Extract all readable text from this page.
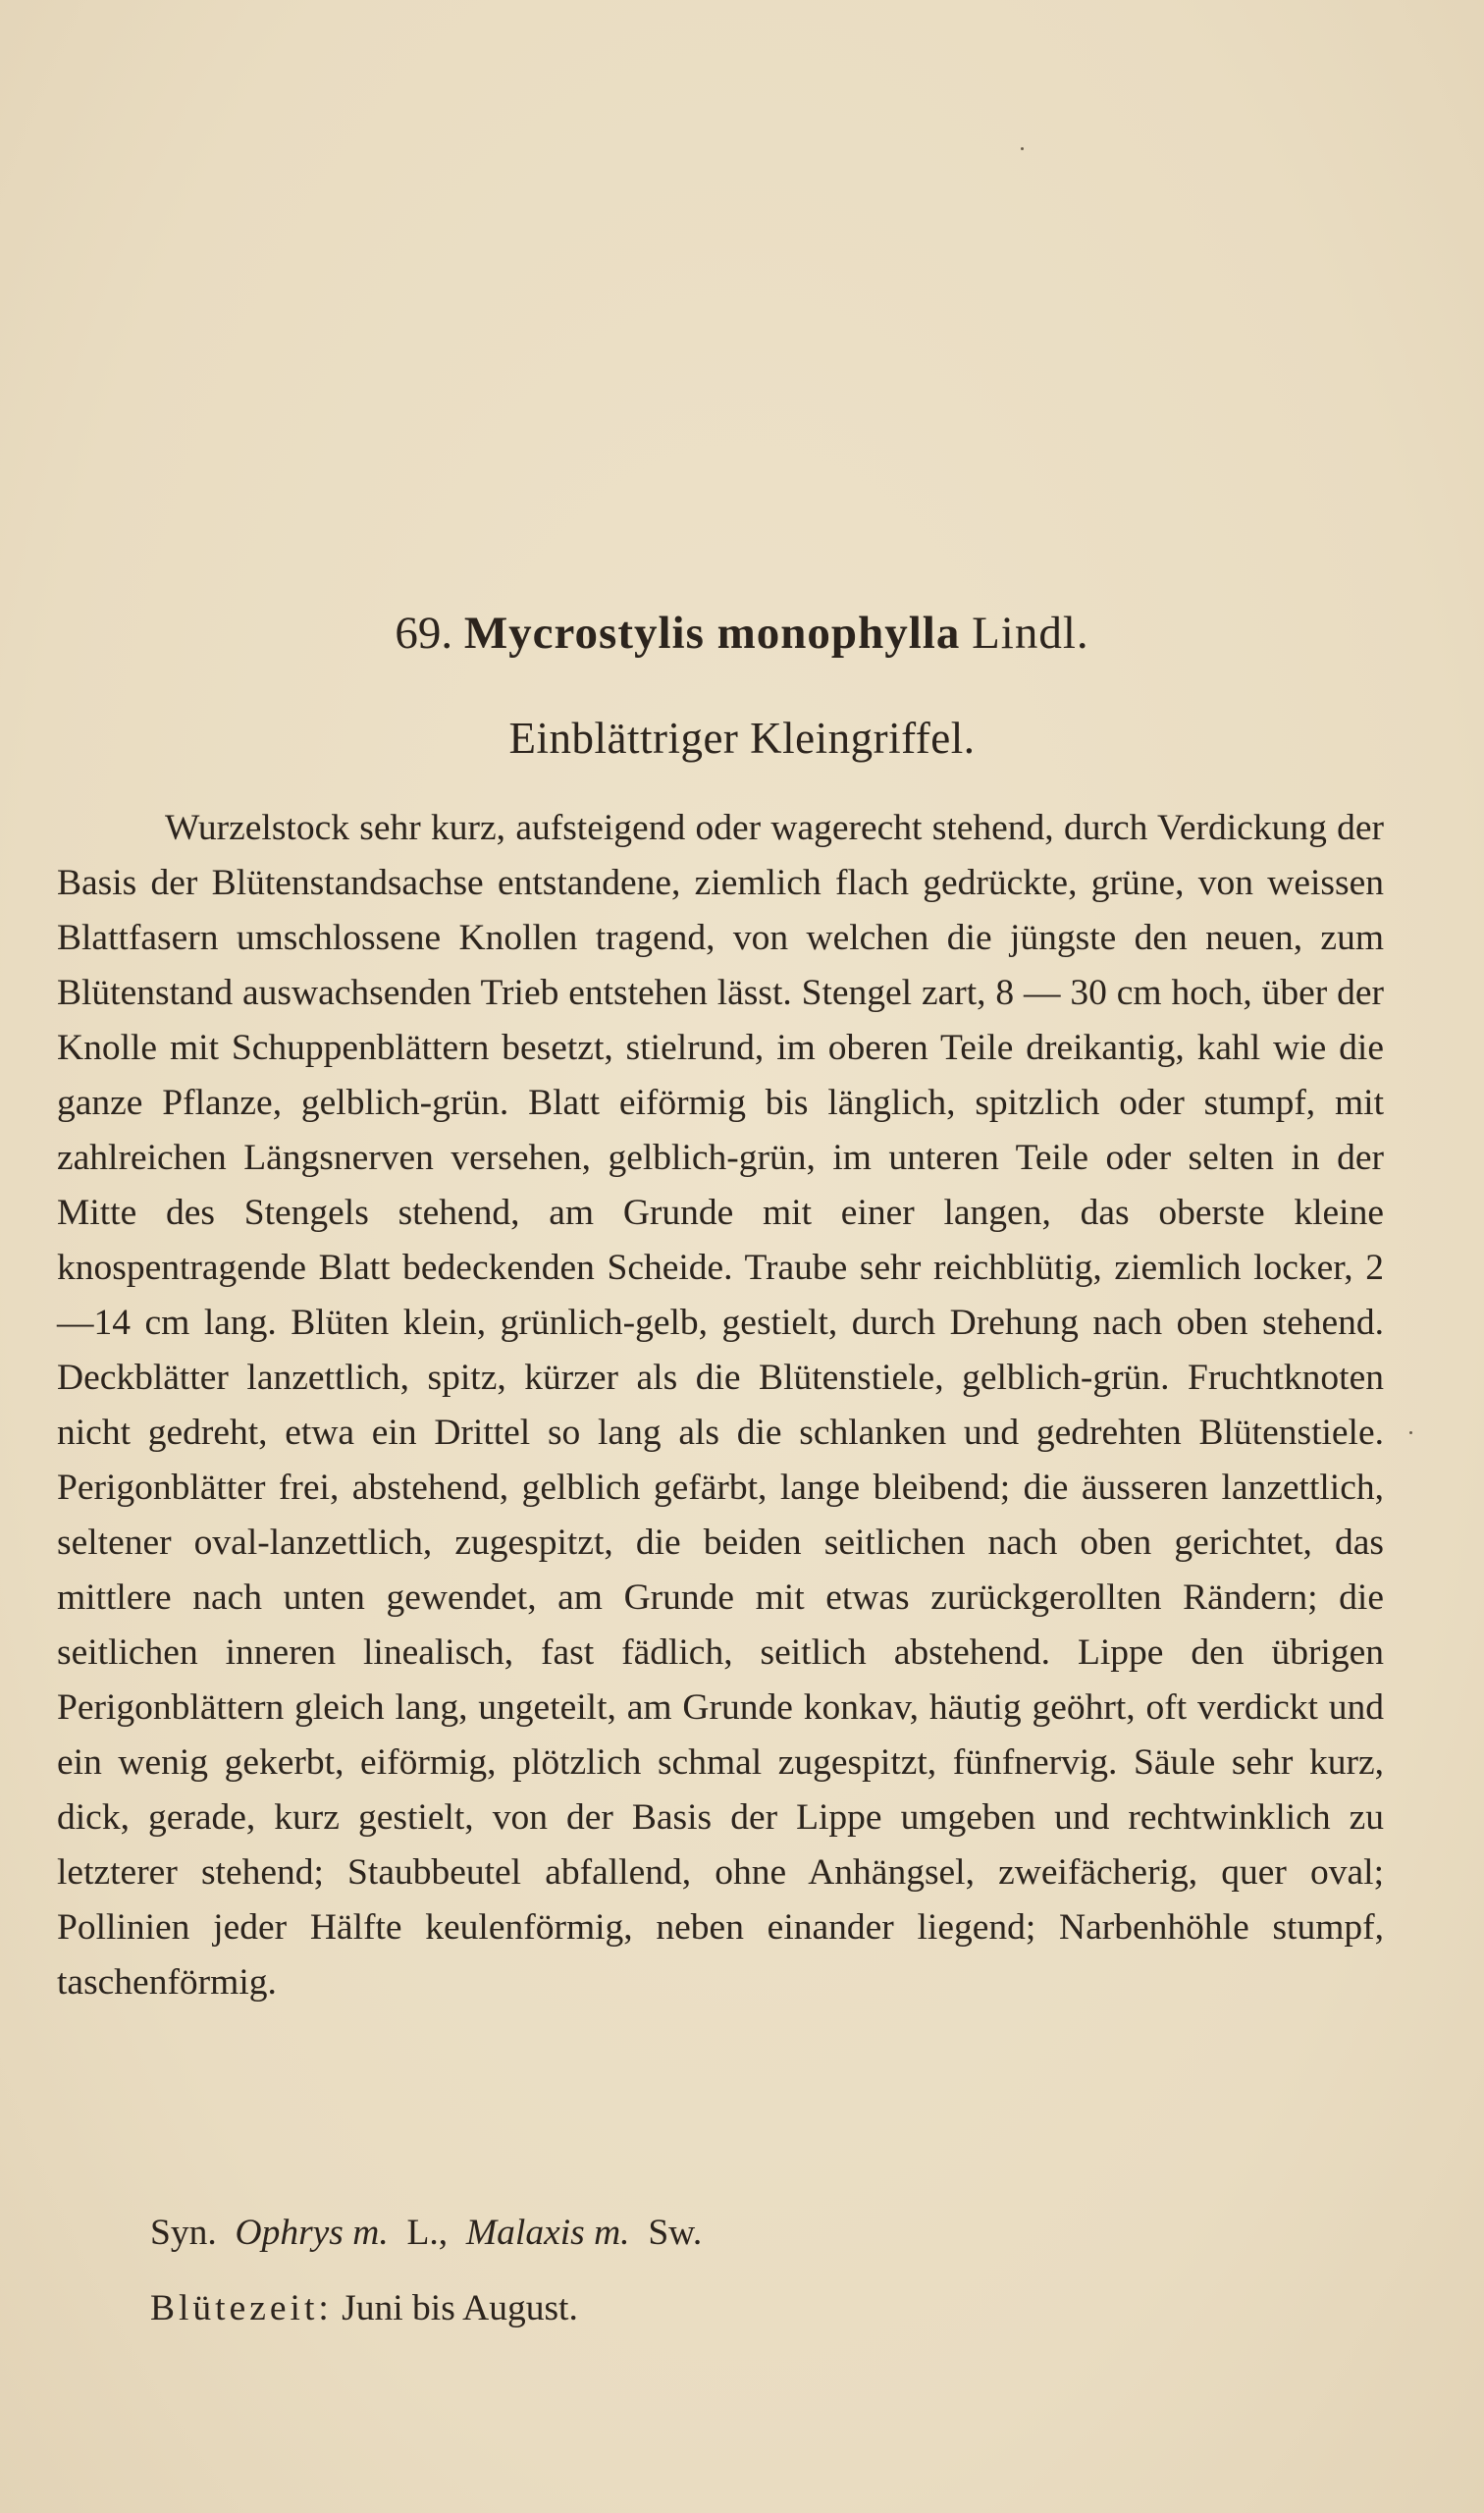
69. Mycrostylis monophylla Lindl.
Einblättriger Kleingriffel.

Wurzelstock sehr kurz, aufsteigend oder wagerecht stehend, durch Verdickung der Basis der Blütenstandsachse entstandene, ziemlich flach gedrückte, grüne, von weissen Blattfasern umschlossene Knollen tragend, von welchen die jüngste den neuen, zum Blütenstand auswachsenden Trieb entstehen lässt. Stengel zart, 8 — 30 cm hoch, über der Knolle mit Schuppenblättern besetzt, stielrund, im oberen Teile dreikantig, kahl wie die ganze Pflanze, gelblich-grün. Blatt eiförmig bis länglich, spitzlich oder stumpf, mit zahlreichen Längsnerven versehen, gelblich-grün, im unteren Teile oder selten in der Mitte des Stengels stehend, am Grunde mit einer langen, das oberste kleine knospentragende Blatt bedeckenden Scheide. Traube sehr reichblütig, ziemlich locker, 2—14 cm lang. Blüten klein, grünlich-gelb, gestielt, durch Drehung nach oben stehend. Deckblätter lanzettlich, spitz, kürzer als die Blütenstiele, gelblich-grün. Fruchtknoten nicht gedreht, etwa ein Drittel so lang als die schlanken und gedrehten Blütenstiele. Perigonblätter frei, abstehend, gelblich gefärbt, lange bleibend; die äusseren lanzettlich, seltener oval-lanzettlich, zugespitzt, die beiden seitlichen nach oben gerichtet, das mittlere nach unten gewendet, am Grunde mit etwas zurückgerollten Rändern; die seitlichen inneren linealisch, fast fädlich, seitlich abstehend. Lippe den übrigen Perigonblättern gleich lang, ungeteilt, am Grunde konkav, häutig geöhrt, oft verdickt und ein wenig gekerbt, eiförmig, plötzlich schmal zugespitzt, fünfnervig. Säule sehr kurz, dick, gerade, kurz gestielt, von der Basis der Lippe umgeben und rechtwinklich zu letzterer stehend; Staubbeutel abfallend, ohne Anhängsel, zweifächerig, quer oval; Pollinien jeder Hälfte keulenförmig, neben einander liegend; Narbenhöhle stumpf, taschenförmig.

Syn. Ophrys m. L., Malaxis m. Sw.
Blütezeit: Juni bis August.
